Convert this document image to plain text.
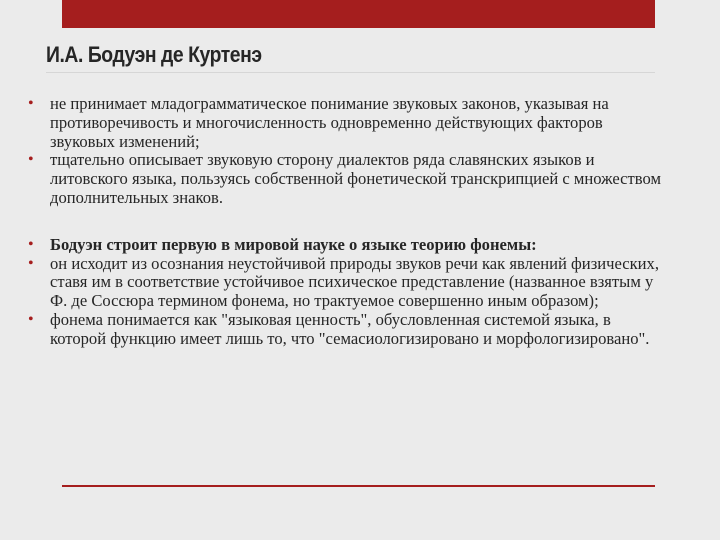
И.А. Бодуэн де Куртенэ
• не принимает младограмматическое понимание звуковых законов, указывая на противоречивость и многочисленность одновременно действующих факторов звуковых изменений;
• тщательно описывает звуковую сторону диалектов ряда славянских языков и литовского языка, пользуясь собственной фонетической транскрипцией с множеством дополнительных знаков.
• Бодуэн строит первую в мировой науке о языке теорию фонемы:
• он исходит из осознания неустойчивой природы звуков речи как явлений физических, ставя им в соответствие устойчивое психическое представление (названное взятым у Ф. де Соссюра термином фонема, но трактуемое совершенно иным образом);
• фонема понимается как "языковая ценность", обусловленная системой языка, в которой функцию имеет лишь то, что "семасиологизировано и морфологизировано".
